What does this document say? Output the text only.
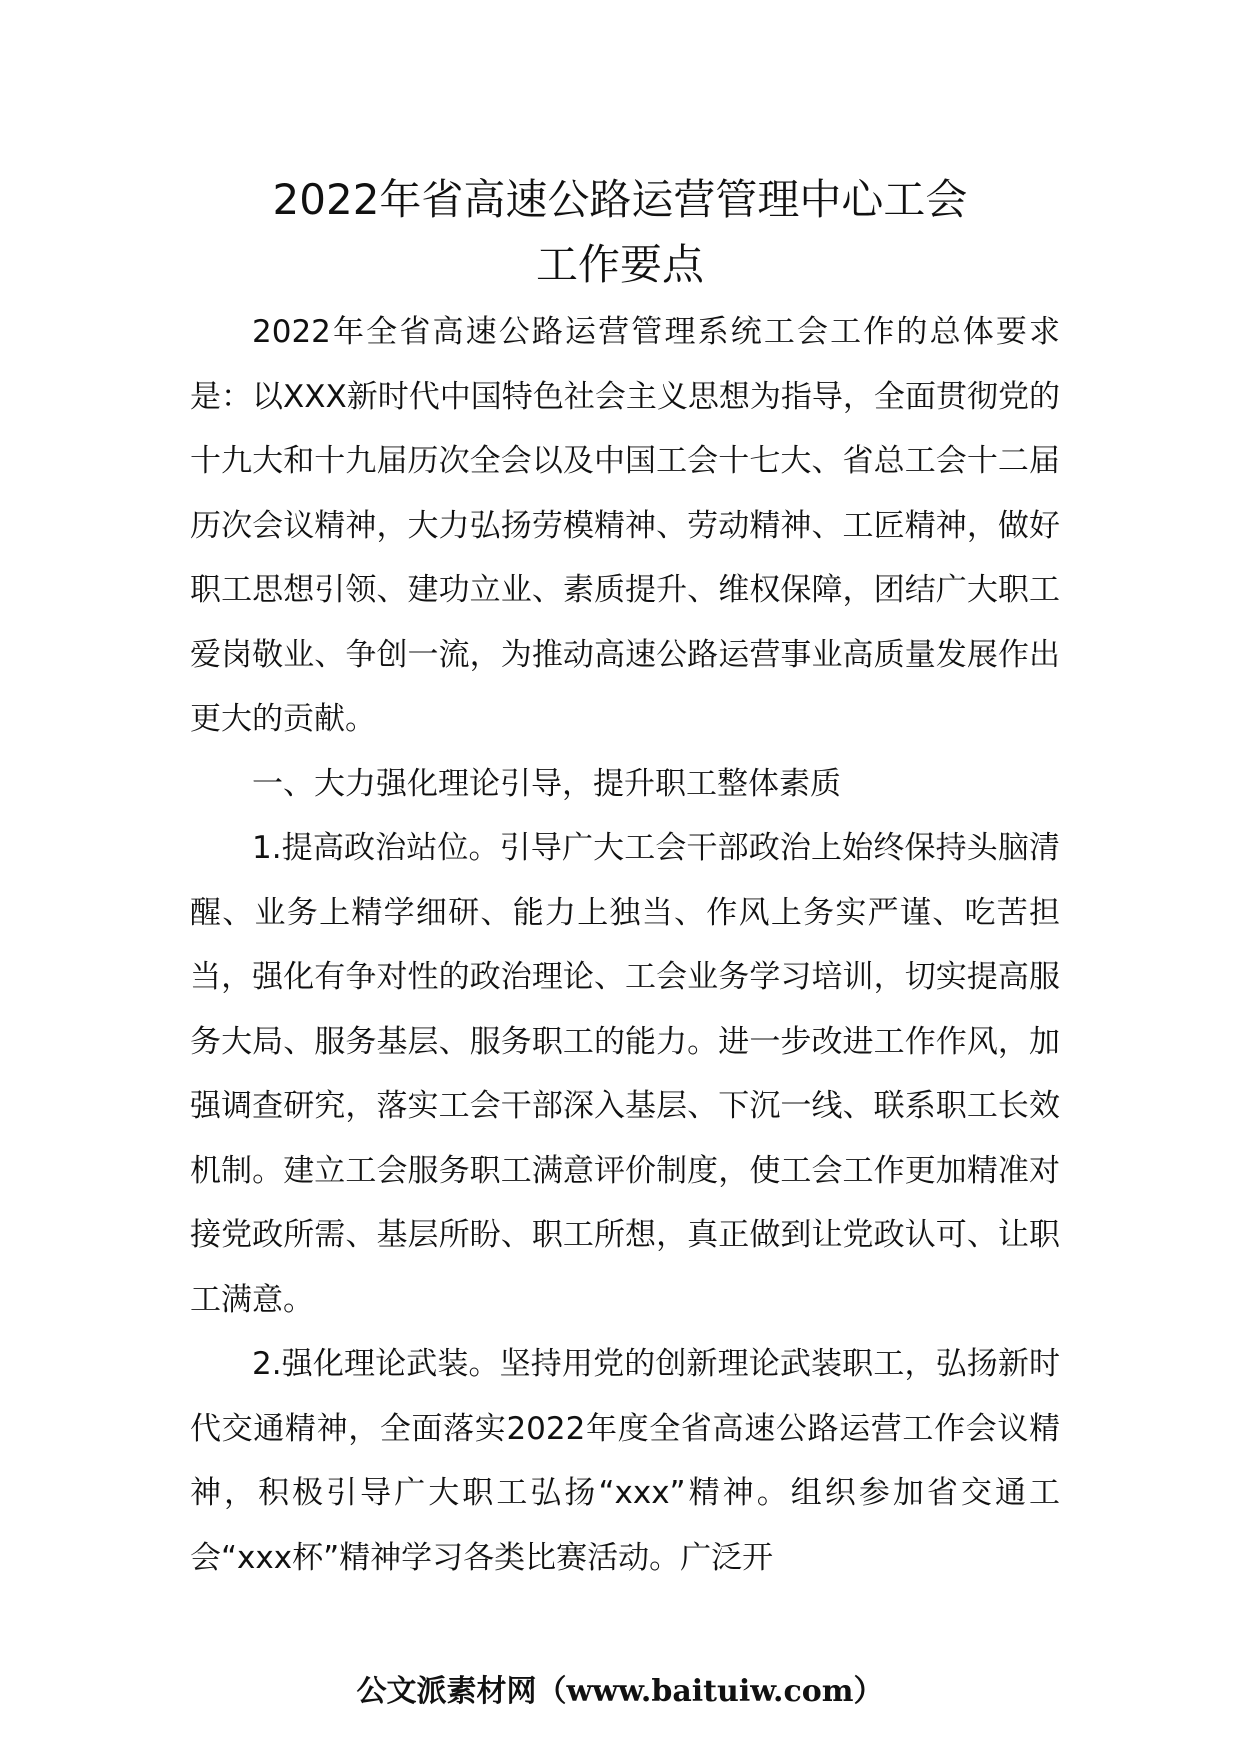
2022年省高速公路运营管理中心工会
工作要点

2022年全省高速公路运营管理系统工会工作的总体要求是：以XXX新时代中国特色社会主义思想为指导，全面贯彻党的十九大和十九届历次全会以及中国工会十七大、省总工会十二届历次会议精神，大力弘扬劳模精神、劳动精神、工匠精神，做好职工思想引领、建功立业、素质提升、维权保障，团结广大职工爱岗敬业、争创一流，为推动高速公路运营事业高质量发展作出更大的贡献。

一、大力强化理论引导，提升职工整体素质

1.提高政治站位。引导广大工会干部政治上始终保持头脑清醒、业务上精学细研、能力上独当、作风上务实严谨、吃苦担当，强化有争对性的政治理论、工会业务学习培训，切实提高服务大局、服务基层、服务职工的能力。进一步改进工作作风，加强调查研究，落实工会干部深入基层、下沉一线、联系职工长效机制。建立工会服务职工满意评价制度，使工会工作更加精准对接党政所需、基层所盼、职工所想，真正做到让党政认可、让职工满意。

2.强化理论武装。坚持用党的创新理论武装职工，弘扬新时代交通精神，全面落实2022年度全省高速公路运营工作会议精神，积极引导广大职工弘扬“xxx”精神。组织参加省交通工会“xxx杯”精神学习各类比赛活动。广泛开

公文派素材网（www.baituiw.com）
